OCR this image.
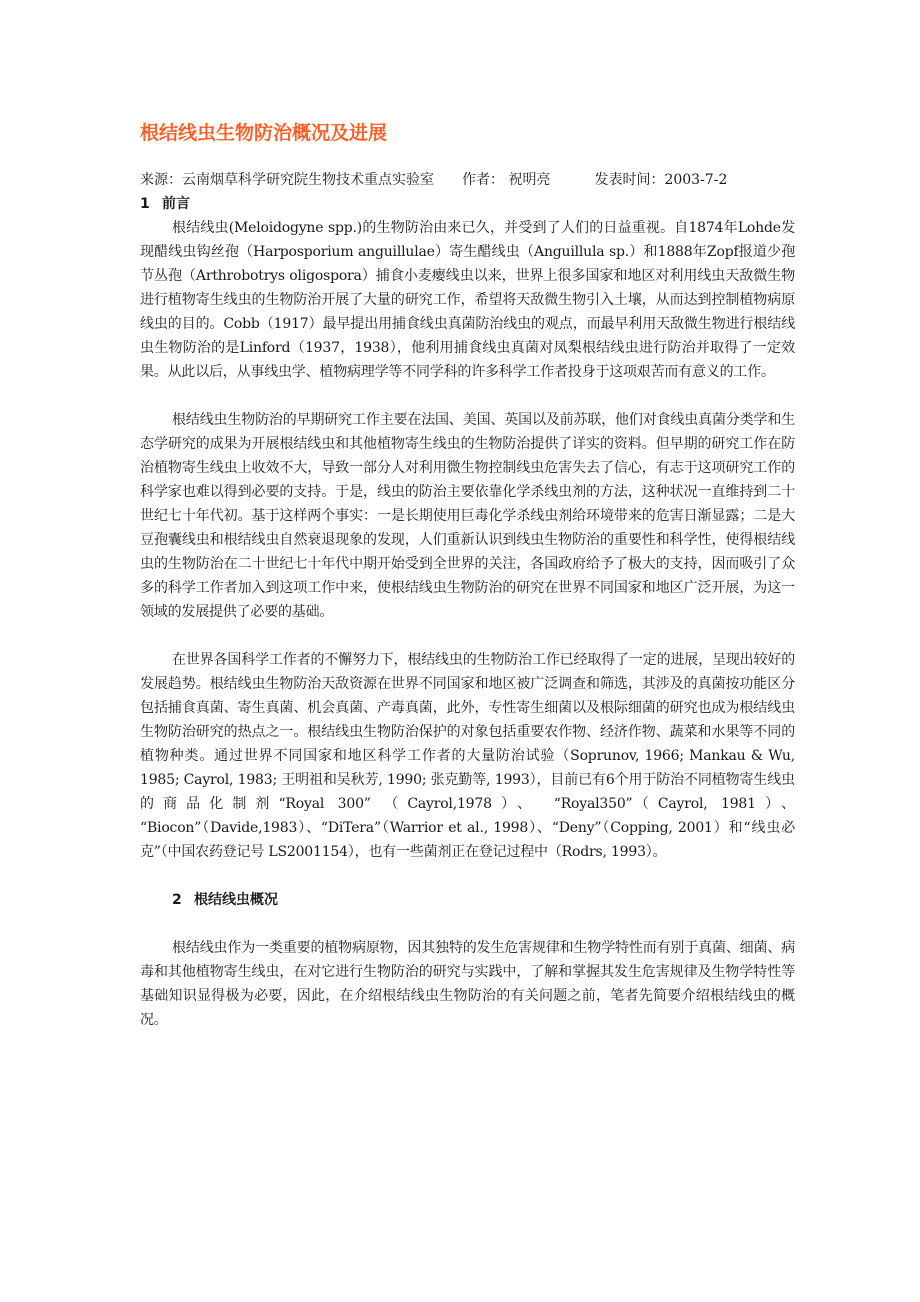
根结线虫生物防治概况及进展
来源：云南烟草科学研究院生物技术重点实验室 作者： 祝明亮	发表时间：2003-7-2
1 前言

根结线虫(Meloidogyne spp.)的生物防治由来已久，并受到了人们的日益重视。自1874年Lohde发现醋线虫钩丝孢（Harposporium anguillulae）寄生醋线虫（Anguillula sp.）和1888年Zopf报道少孢节丛孢（Arthrobotrys oligospora）捕食小麦瘿线虫以来，世界上很多国家和地区对利用线虫天敌微生物进行植物寄生线虫的生物防治开展了大量的研究工作，希望将天敌微生物引入土壤，从而达到控制植物病原线虫的目的。Cobb（1917）最早提出用捕食线虫真菌防治线虫的观点，而最早利用天敌微生物进行根结线虫生物防治的是Linford（1937，1938），他利用捕食线虫真菌对凤梨根结线虫进行防治并取得了一定效果。从此以后，从事线虫学、植物病理学等不同学科的许多科学工作者投身于这项艰苦而有意义的工作。

根结线虫生物防治的早期研究工作主要在法国、美国、英国以及前苏联，他们对食线虫真菌分类学和生态学研究的成果为开展根结线虫和其他植物寄生线虫的生物防治提供了详实的资料。但早期的研究工作在防治植物寄生线虫上收效不大，导致一部分人对利用微生物控制线虫危害失去了信心，有志于这项研究工作的科学家也难以得到必要的支持。于是，线虫的防治主要依靠化学杀线虫剂的方法，这种状况一直维持到二十世纪七十年代初。基于这样两个事实：一是长期使用巨毒化学杀线虫剂给环境带来的危害日渐显露；二是大豆孢囊线虫和根结线虫自然衰退现象的发现，人们重新认识到线虫生物防治的重要性和科学性，使得根结线虫的生物防治在二十世纪七十年代中期开始受到全世界的关注，各国政府给予了极大的支持，因而吸引了众多的科学工作者加入到这项工作中来，使根结线虫生物防治的研究在世界不同国家和地区广泛开展，为这一领域的发展提供了必要的基础。

在世界各国科学工作者的不懈努力下，根结线虫的生物防治工作已经取得了一定的进展，呈现出较好的发展趋势。根结线虫生物防治天敌资源在世界不同国家和地区被广泛调查和筛选，其涉及的真菌按功能区分包括捕食真菌、寄生真菌、机会真菌、产毒真菌，此外，专性寄生细菌以及根际细菌的研究也成为根结线虫生物防治研究的热点之一。根结线虫生物防治保护的对象包括重要农作物、经济作物、蔬菜和水果等不同的植物种类。通过世界不同国家和地区科学工作者的大量防治试验（Soprunov, 1966; Mankau & Wu, 1985; Cayrol, 1983; 王明祖和吴秋芳, 1990; 张克勤等, 1993），目前已有6个用于防治不同植物寄生线虫的商品化制剂“Royal 300” （Cayrol,1978）、 “Royal350”（Cayrol, 1981）、 “Biocon”（Davide,1983）、“DiTera”（Warrior et al., 1998）、“Deny”（Copping, 2001）和“线虫必克”（中国农药登记号 LS2001154），也有一些菌剂正在登记过程中（Rodrs, 1993）。

2 根结线虫概况

根结线虫作为一类重要的植物病原物，因其独特的发生危害规律和生物学特性而有别于真菌、细菌、病毒和其他植物寄生线虫，在对它进行生物防治的研究与实践中，了解和掌握其发生危害规律及生物学特性等基础知识显得极为必要，因此，在介绍根结线虫生物防治的有关问题之前，笔者先简要介绍根结线虫的概况。
